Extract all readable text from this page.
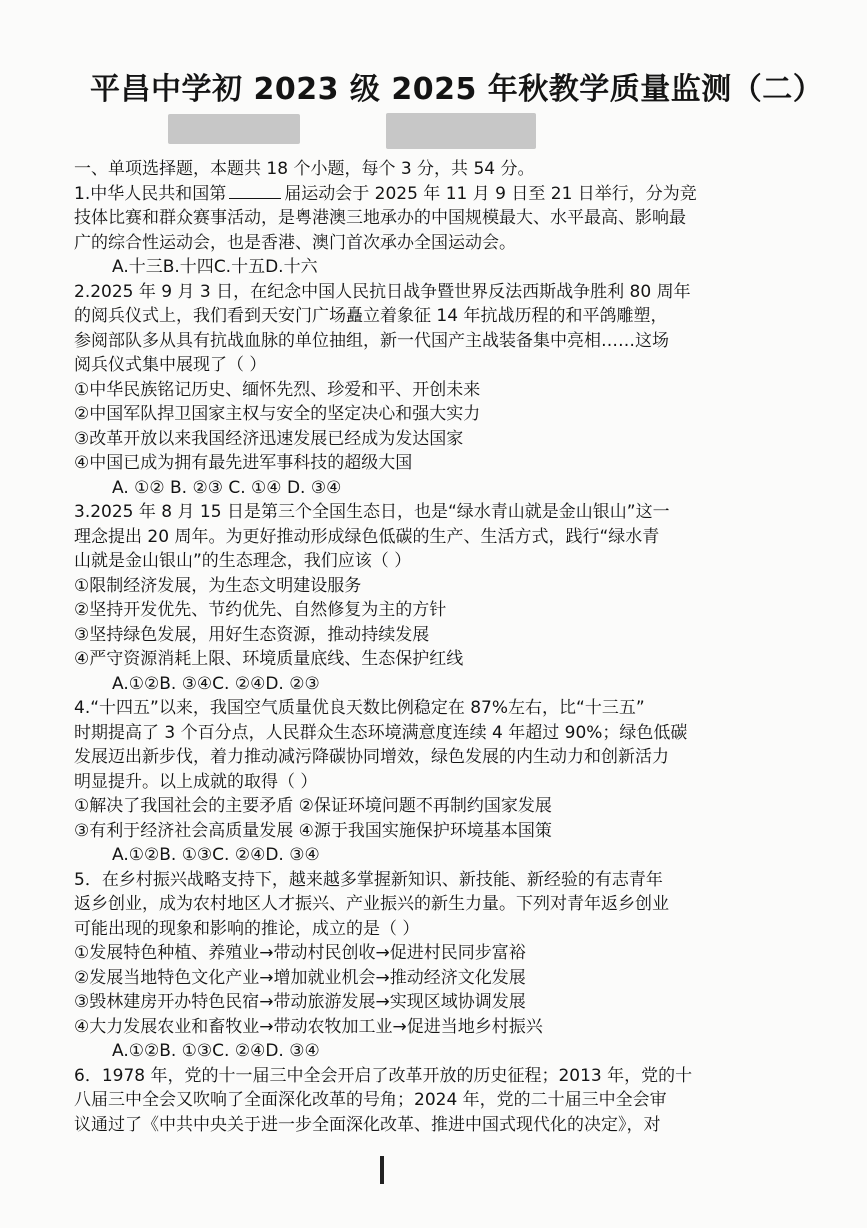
平昌中学初 2023 级 2025 年秋教学质量监测（二）
一、单项选择题，本题共 18 个小题，每个 3 分，共 54 分。
1.中华人民共和国第	届运动会于 2025 年 11 月 9 日至 21 日举行，分为竞
技体比赛和群众赛事活动，是粤港澳三地承办的中国规模最大、水平最高、影响最
广的综合性运动会，也是香港、澳门首次承办全国运动会。
A.十三B.十四C.十五D.十六
2.2025 年 9 月 3 日，在纪念中国人民抗日战争暨世界反法西斯战争胜利 80 周年
的阅兵仪式上，我们看到天安门广场矗立着象征 14 年抗战历程的和平鸽雕塑，
参阅部队多从具有抗战血脉的单位抽组，新一代国产主战装备集中亮相……这场
阅兵仪式集中展现了（ ）
①中华民族铭记历史、缅怀先烈、珍爱和平、开创未来
②中国军队捍卫国家主权与安全的坚定决心和强大实力
③改革开放以来我国经济迅速发展已经成为发达国家
④中国已成为拥有最先进军事科技的超级大国
A. ①② B. ②③ C. ①④ D. ③④
3.2025 年 8 月 15 日是第三个全国生态日，也是“绿水青山就是金山银山”这一
理念提出 20 周年。为更好推动形成绿色低碳的生产、生活方式，践行“绿水青
山就是金山银山”的生态理念，我们应该（ ）
①限制经济发展，为生态文明建设服务
②坚持开发优先、节约优先、自然修复为主的方针
③坚持绿色发展，用好生态资源，推动持续发展
④严守资源消耗上限、环境质量底线、生态保护红线
A.①②B. ③④C. ②④D. ②③
4.“十四五”以来，我国空气质量优良天数比例稳定在 87%左右，比“十三五”
时期提高了 3 个百分点，人民群众生态环境满意度连续 4 年超过 90%；绿色低碳
发展迈出新步伐，着力推动减污降碳协同增效，绿色发展的内生动力和创新活力
明显提升。以上成就的取得（ ）
①解决了我国社会的主要矛盾 ②保证环境问题不再制约国家发展
③有利于经济社会高质量发展 ④源于我国实施保护环境基本国策
A.①②B. ①③C. ②④D. ③④
5．在乡村振兴战略支持下，越来越多掌握新知识、新技能、新经验的有志青年
返乡创业，成为农村地区人才振兴、产业振兴的新生力量。下列对青年返乡创业
可能出现的现象和影响的推论，成立的是（ ）
①发展特色种植、养殖业→带动村民创收→促进村民同步富裕
②发展当地特色文化产业→增加就业机会→推动经济文化发展
③毁林建房开办特色民宿→带动旅游发展→实现区域协调发展
④大力发展农业和畜牧业→带动农牧加工业→促进当地乡村振兴
A.①②B. ①③C. ②④D. ③④
6．1978 年，党的十一届三中全会开启了改革开放的历史征程；2013 年，党的十
八届三中全会又吹响了全面深化改革的号角；2024 年，党的二十届三中全会审
议通过了《中共中央关于进一步全面深化改革、推进中国式现代化的决定》，对
